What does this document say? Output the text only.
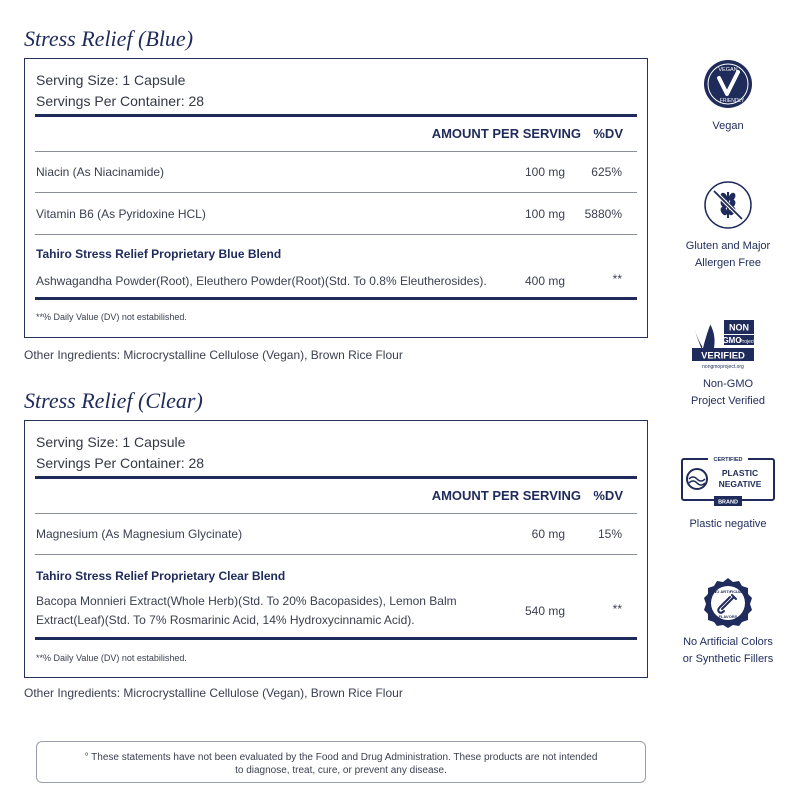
Stress Relief (Blue)
Serving Size: 1 Capsule
Servings Per Container: 28
AMOUNT PER SERVING %DV
Niacin (As Niacinamide)	100 mg 625%
Vitamin B6 (As Pyridoxine HCL)	100 mg 5880%
Tahiro Stress Relief Proprietary Blue Blend
Ashwagandha Powder(Root), Eleuthero Powder(Root)(Std. To 0.8% Eleutherosides).	400 mg	**
**% Daily Value (DV) not estabilished.
Other Ingredients: Microcrystalline Cellulose (Vegan), Brown Rice Flour
Stress Relief (Clear)
Serving Size: 1 Capsule
Servings Per Container: 28
AMOUNT PER SERVING %DV
Magnesium (As Magnesium Glycinate)	60 mg	15%
Tahiro Stress Relief Proprietary Clear Blend
Bacopa Monnieri Extract(Whole Herb)(Std. To 20% Bacopasides), Lemon Balm
Extract(Leaf)(Std. To 7% Rosmarinic Acid, 14% Hydroxycinnamic Acid).
540 mg	**
**% Daily Value (DV) not estabilished.
Other Ingredients: Microcrystalline Cellulose (Vegan), Brown Rice Flour
° These statements have not been evaluated by the Food and Drug Administration. These products are not intended
to diagnose, treat, cure, or prevent any disease.
VEGAN
FRIENDLY
Vegan
Gluten and Major
Allergen Free
NON
GMO
Project
VERIFIED
nongmoproject.org
Non-GMO
Project Verified
CERTIFIED
PLASTIC
NEGATIVE
BRAND
Plastic negative
NO ARTIFICIAL
FLAVORS
No Artificial Colors
or Synthetic Fillers
